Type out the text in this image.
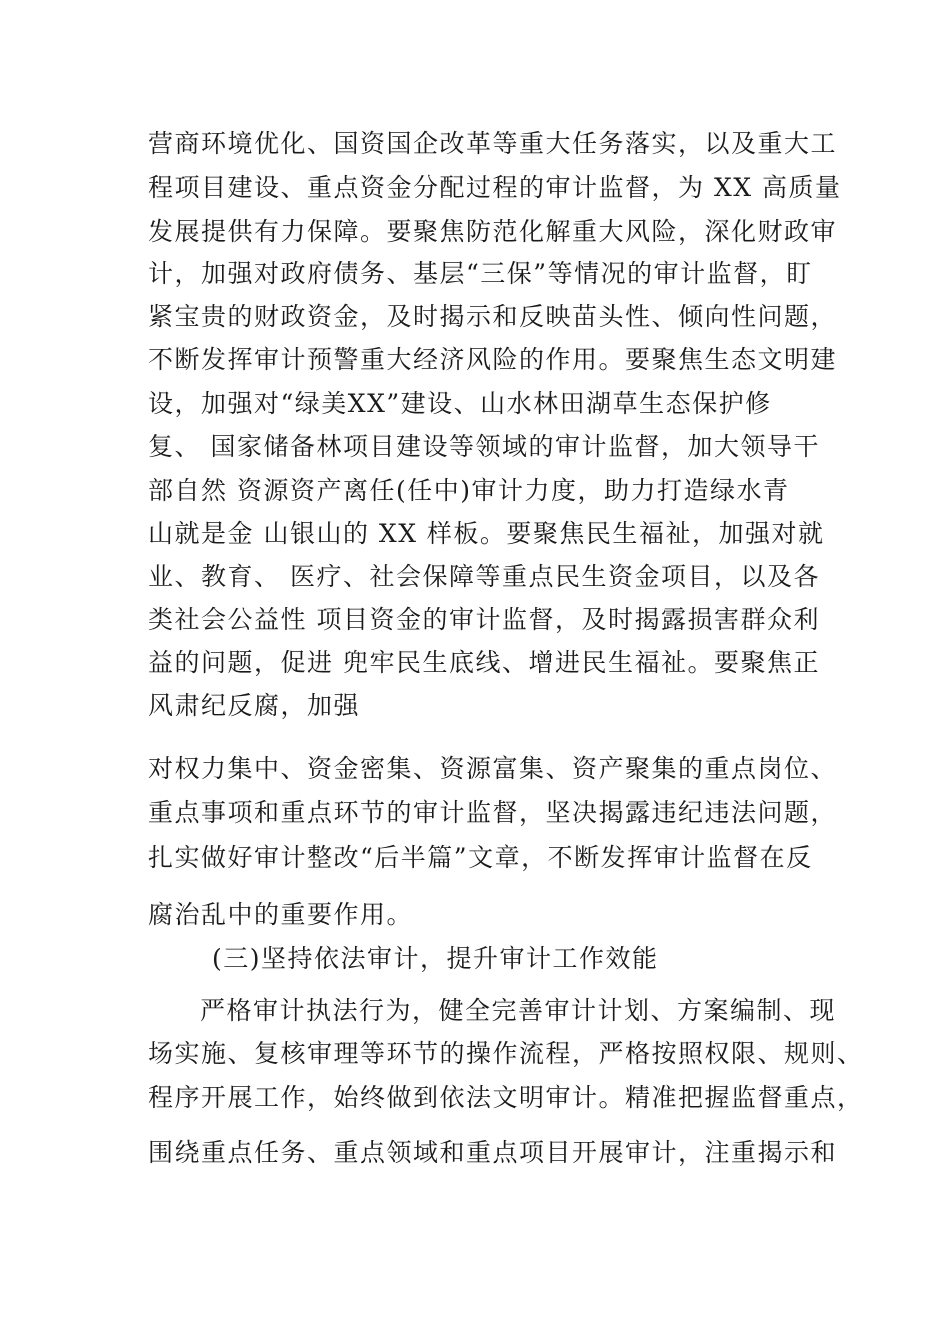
营商环境优化、国资国企改革等重大任务落实，以及重大工
程项目建设、重点资金分配过程的审计监督，为 XX 高质量
发展提供有力保障。要聚焦防范化解重大风险，深化财政审
计，加强对政府债务、基层“三保”等情况的审计监督，盯
紧宝贵的财政资金，及时揭示和反映苗头性、倾向性问题，
不断发挥审计预警重大经济风险的作用。要聚焦生态文明建
设，加强对“绿美XX”建设、山水林田湖草生态保护修
复、 国家储备林项目建设等领域的审计监督，加大领导干
部自然 资源资产离任(任中)审计力度，助力打造绿水青
山就是金 山银山的 XX 样板。要聚焦民生福祉，加强对就
业、教育、 医疗、社会保障等重点民生资金项目，以及各
类社会公益性 项目资金的审计监督，及时揭露损害群众利
益的问题，促进 兜牢民生底线、增进民生福祉。要聚焦正
风肃纪反腐，加强
对权力集中、资金密集、资源富集、资产聚集的重点岗位、
重点事项和重点环节的审计监督，坚决揭露违纪违法问题，
扎实做好审计整改“后半篇”文章，不断发挥审计监督在反
腐治乱中的重要作用。
(三)坚持依法审计，提升审计工作效能
严格审计执法行为，健全完善审计计划、方案编制、现
场实施、复核审理等环节的操作流程，严格按照权限、规则、
程序开展工作，始终做到依法文明审计。精准把握监督重点，
围绕重点任务、重点领域和重点项目开展审计，注重揭示和
